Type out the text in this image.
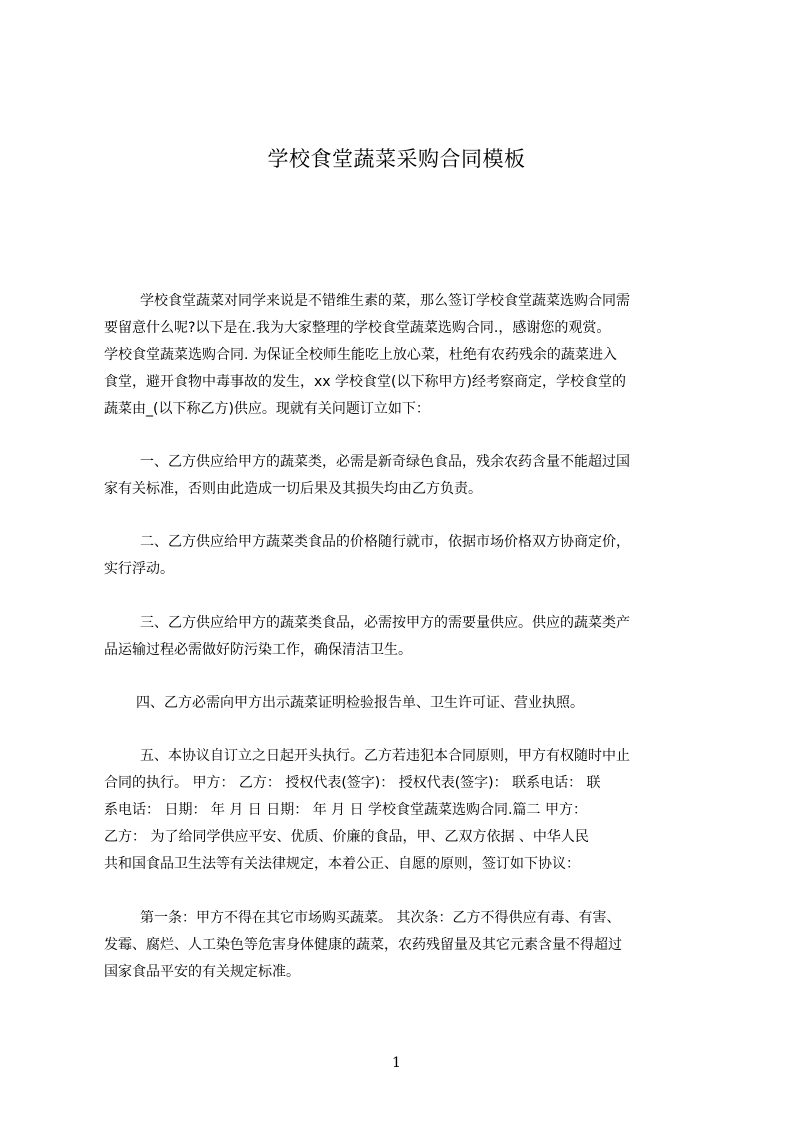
学校食堂蔬菜采购合同模板
学校食堂蔬菜对同学来说是不错维生素的菜，那么签订学校食堂蔬菜选购合同需
要留意什么呢?以下是在.我为大家整理的学校食堂蔬菜选购合同.，感谢您的观赏。
学校食堂蔬菜选购合同. 为保证全校师生能吃上放心菜，杜绝有农药残余的蔬菜进入
食堂，避开食物中毒事故的发生，xx 学校食堂(以下称甲方)经考察商定，学校食堂的
蔬菜由_(以下称乙方)供应。现就有关问题订立如下：
一、乙方供应给甲方的蔬菜类，必需是新奇绿色食品，残余农药含量不能超过国
家有关标准，否则由此造成一切后果及其损失均由乙方负责。
二、乙方供应给甲方蔬菜类食品的价格随行就市，依据市场价格双方协商定价，
实行浮动。
三、乙方供应给甲方的蔬菜类食品，必需按甲方的需要量供应。供应的蔬菜类产
品运输过程必需做好防污染工作，确保清洁卫生。
四、乙方必需向甲方出示蔬菜证明检验报告单、卫生许可证、营业执照。
五、本协议自订立之日起开头执行。乙方若违犯本合同原则，甲方有权随时中止
合同的执行。 甲方： 乙方： 授权代表(签字)： 授权代表(签字)： 联系电话： 联
系电话： 日期： 年 月 日 日期： 年 月 日 学校食堂蔬菜选购合同.篇二 甲方：
乙方： 为了给同学供应平安、优质、价廉的食品，甲、乙双方依据 、中华人民
共和国食品卫生法等有关法律规定，本着公正、自愿的原则，签订如下协议：
第一条：甲方不得在其它市场购买蔬菜。 其次条：乙方不得供应有毒、有害、
发霉、腐烂、人工染色等危害身体健康的蔬菜，农药残留量及其它元素含量不得超过
国家食品平安的有关规定标准。
1
